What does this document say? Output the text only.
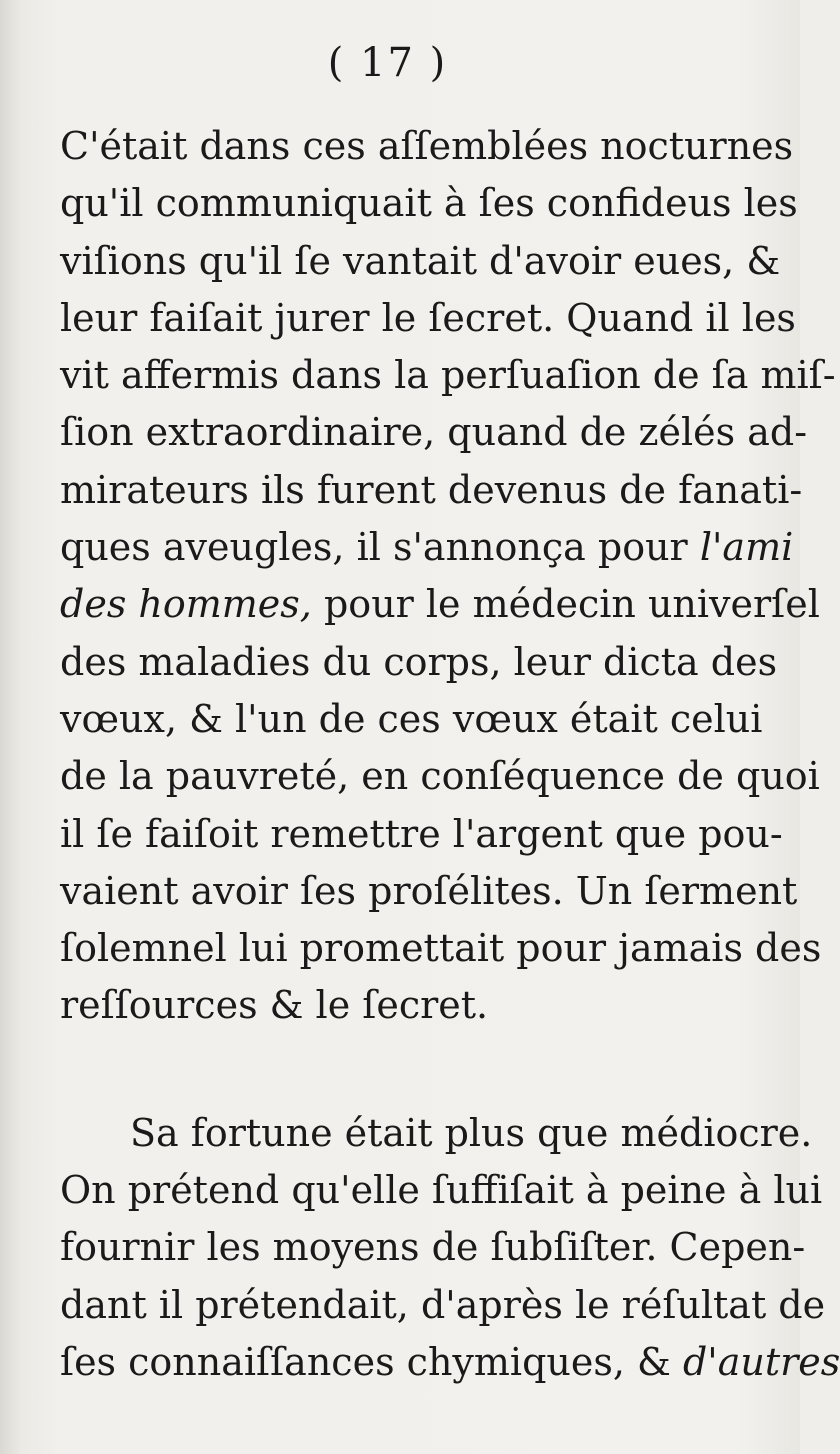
( 17 )
C'était dans ces aſſemblées nocturnes
qu'il communiquait à ſes confideus les
viſions qu'il ſe vantait d'avoir eues, &
leur faiſait jurer le ſecret. Quand il les
vit affermis dans la perſuaſion de ſa miſ-
ſion extraordinaire, quand de zélés ad-
mirateurs ils furent devenus de fanati-
ques aveugles, il s'annonça pour l'ami
des hommes, pour le médecin univerſel
des maladies du corps, leur dicta des
vœux, & l'un de ces vœux était celui
de la pauvreté, en conſéquence de quoi
il ſe faiſoit remettre l'argent que pou-
vaient avoir ſes proſélites. Un ſerment
ſolemnel lui promettait pour jamais des
reſſources & le ſecret.
Sa fortune était plus que médiocre.
On prétend qu'elle ſuffiſait à peine à lui
fournir les moyens de ſubſiſter. Cepen-
dant il prétendait, d'après le réſultat de
ſes connaiſſances chymiques, & d'autres
